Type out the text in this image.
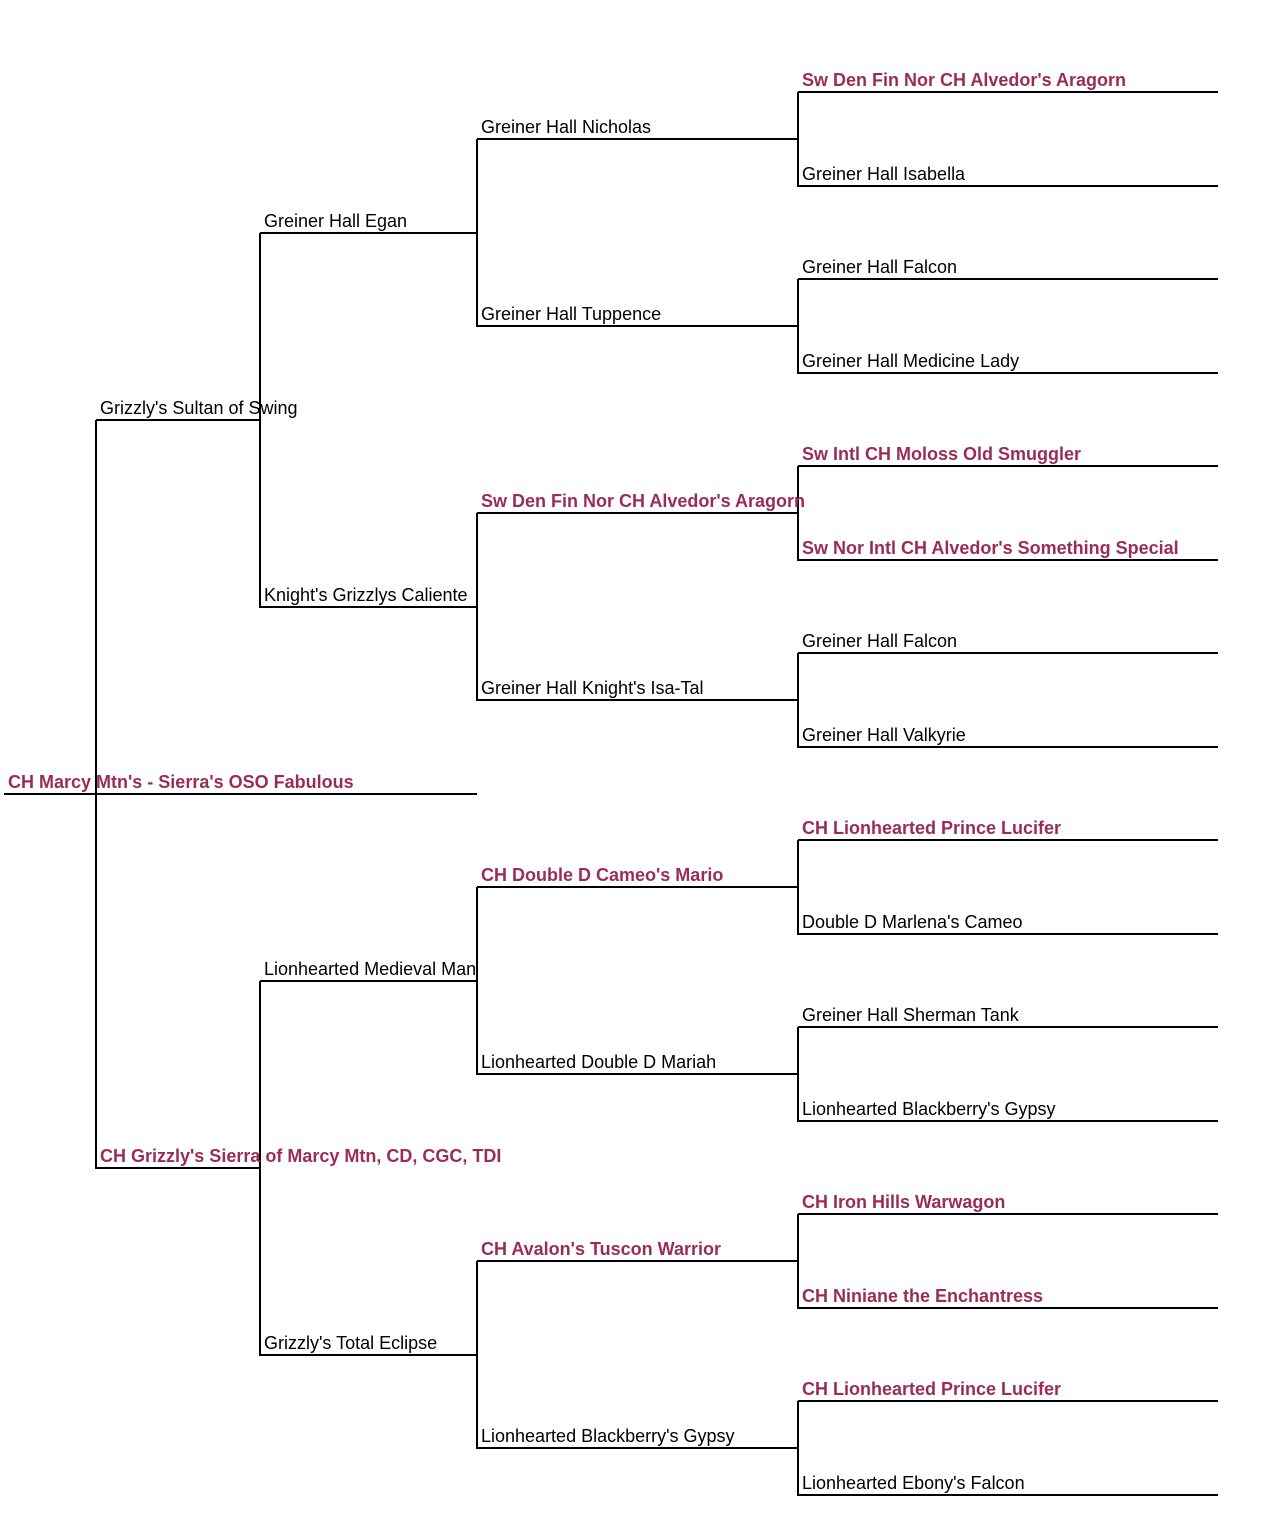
Sw Den Fin Nor CH Alvedor's Aragorn
Greiner Hall Isabella
Greiner Hall Falcon
Greiner Hall Medicine Lady
Sw Intl CH Moloss Old Smuggler
Sw Nor Intl CH Alvedor's Something Special
Greiner Hall Falcon
Greiner Hall Valkyrie
CH Lionhearted Prince Lucifer
Double D Marlena's Cameo
Greiner Hall Sherman Tank
Lionhearted Blackberry's Gypsy
CH Iron Hills Warwagon
CH Niniane the Enchantress
CH Lionhearted Prince Lucifer
Lionhearted Ebony's Falcon
Greiner Hall Nicholas
Greiner Hall Tuppence
Sw Den Fin Nor CH Alvedor's Aragorn
Greiner Hall Knight's Isa-Tal
CH Double D Cameo's Mario
Lionhearted Double D Mariah
CH Avalon's Tuscon Warrior
Lionhearted Blackberry's Gypsy
Greiner Hall Egan
Knight's Grizzlys Caliente
Lionhearted Medieval Man
Grizzly's Total Eclipse
Grizzly's Sultan of Swing
CH Grizzly's Sierra of Marcy Mtn, CD, CGC, TDI
CH Marcy Mtn's - Sierra's OSO Fabulous
